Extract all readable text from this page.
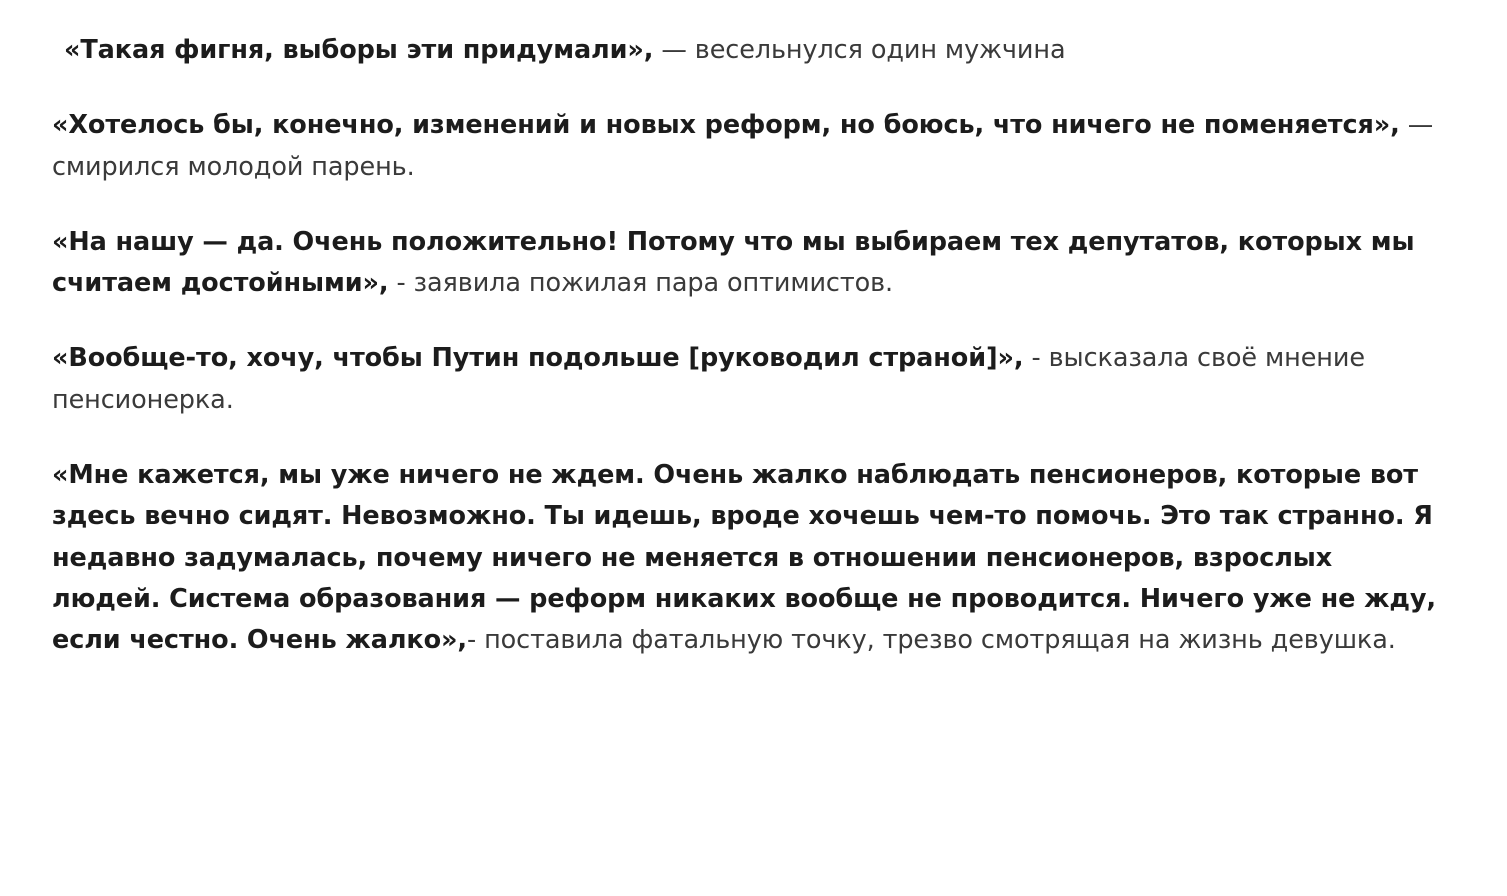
«Такая фигня, выборы эти придумали», — весельнулся один мужчина

«Хотелось бы, конечно, изменений и новых реформ, но боюсь, что ничего не поменяется», — смирился молодой парень.

«На нашу — да. Очень положительно! Потому что мы выбираем тех депутатов, которых мы считаем достойными», - заявила пожилая пара оптимистов.

«Вообще-то, хочу, чтобы Путин подольше [руководил страной]», - высказала своё мнение пенсионерка.

«Мне кажется, мы уже ничего не ждем. Очень жалко наблюдать пенсионеров, которые вот здесь вечно сидят. Невозможно. Ты идешь, вроде хочешь чем-то помочь. Это так странно. Я недавно задумалась, почему ничего не меняется в отношении пенсионеров, взрослых людей. Система образования — реформ никаких вообще не проводится. Ничего уже не жду, если честно. Очень жалко»,- поставила фатальную точку, трезво смотрящая на жизнь девушка.
